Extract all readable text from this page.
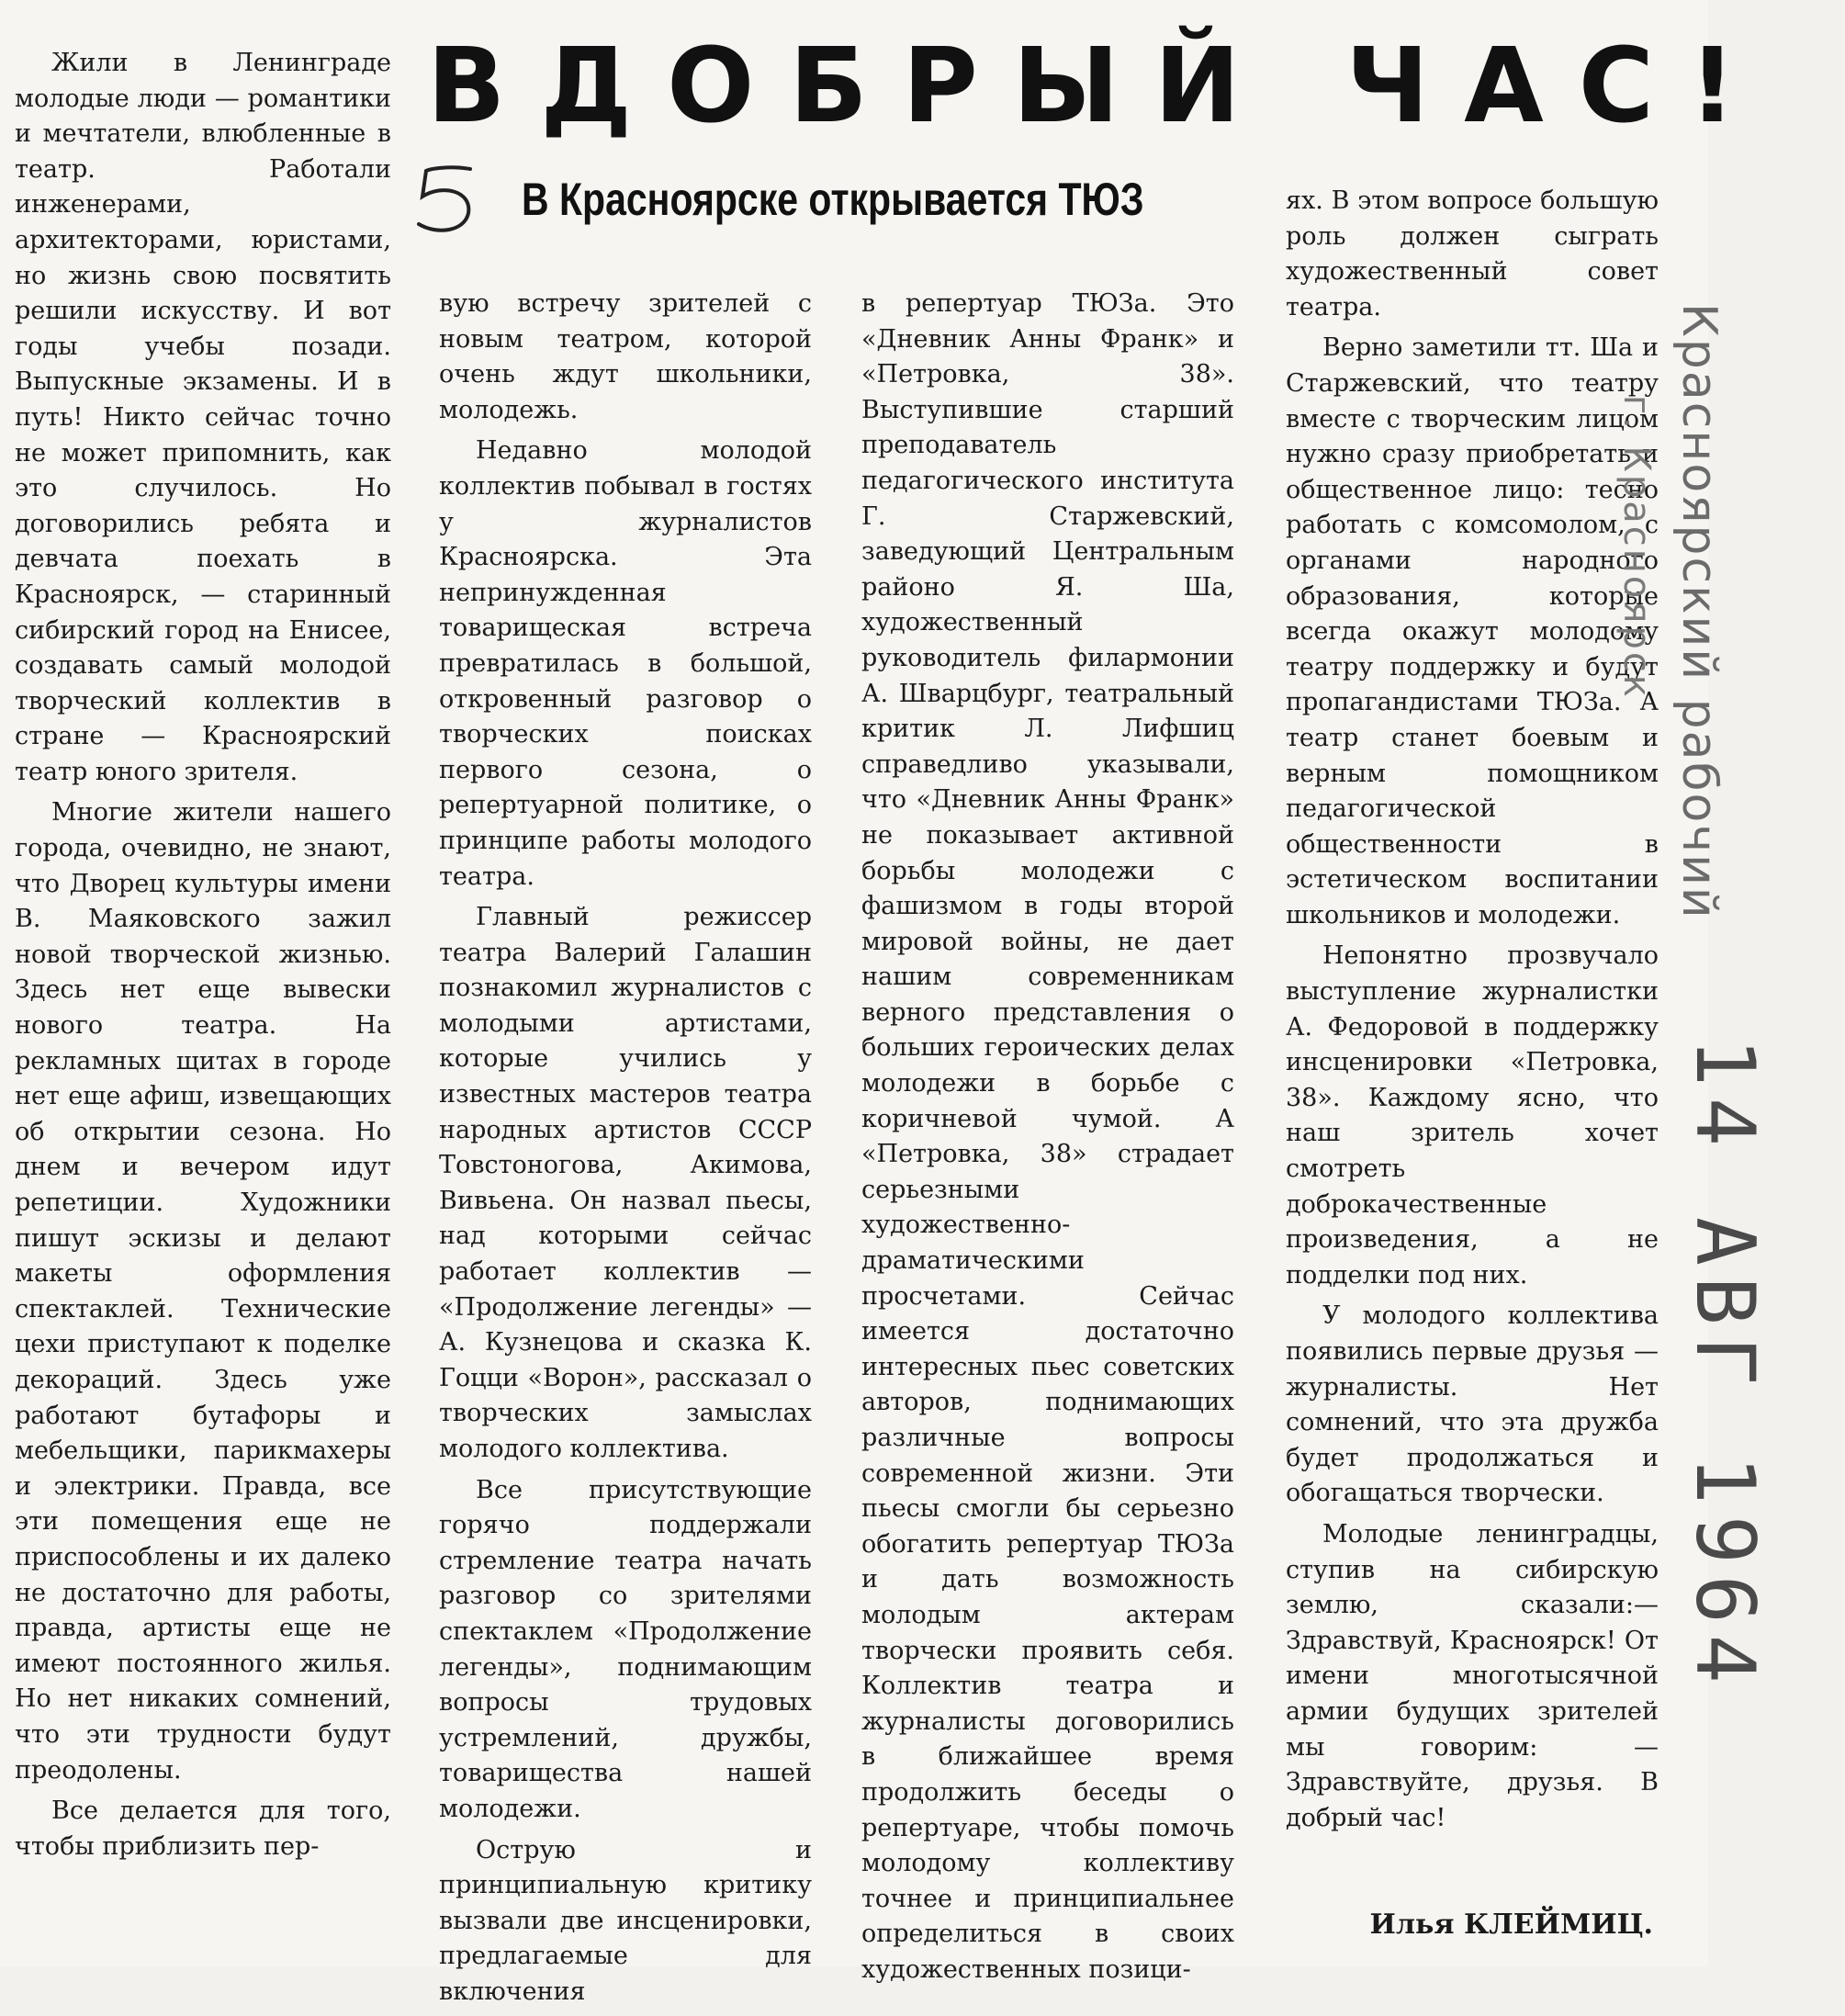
ВДОБРЫЙ ЧАС!
В Красноярске открывается ТЮЗ

Жили в Ленинграде молодые люди — романтики и мечтатели, влюбленные в театр. Работали инженерами, архитекторами, юристами, но жизнь свою посвятить решили искусству. И вот годы учебы позади. Выпускные экзамены. И в путь! Никто сейчас точно не может припомнить, как это случилось. Но договорились ребята и девчата поехать в Красноярск, — старинный сибирский город на Енисее, создавать самый молодой творческий коллектив в стране — Красноярский театр юного зрителя.

Многие жители нашего города, очевидно, не знают, что Дворец культуры имени В. Маяковского зажил новой творческой жизнью. Здесь нет еще вывески нового театра. На рекламных щитах в городе нет еще афиш, извещающих об открытии сезона. Но днем и вечером идут репетиции. Художники пишут эскизы и делают макеты оформления спектаклей. Технические цехи приступают к поделке декораций. Здесь уже работают бутафоры и мебельщики, парикмахеры и электрики. Правда, все эти помещения еще не приспособлены и их далеко не достаточно для работы, правда, артисты еще не имеют постоянного жилья. Но нет никаких сомнений, что эти трудности будут преодолены.

Все делается для того, чтобы приблизить пер-

вую встречу зрителей с новым театром, которой очень ждут школьники, молодежь.

Недавно молодой коллектив побывал в гостях у журналистов Красноярска. Эта непринужденная товарищеская встреча превратилась в большой, откровенный разговор о творческих поисках первого сезона, о репертуарной политике, о принципе работы молодого театра.

Главный режиссер театра Валерий Галашин познакомил журналистов с молодыми артистами, которые учились у известных мастеров театра народных артистов СССР Товстоногова, Акимова, Вивьена. Он назвал пьесы, над которыми сейчас работает коллектив — «Продолжение легенды» — А. Кузнецова и сказка К. Гоцци «Ворон», рассказал о творческих замыслах молодого коллектива.

Все присутствующие горячо поддержали стремление театра начать разговор со зрителями спектаклем «Продолжение легенды», поднимающим вопросы трудовых устремлений, дружбы, товарищества нашей молодежи.

Острую и принципиальную критику вызвали две инсценировки, предлагаемые для включения

в репертуар ТЮЗа. Это «Дневник Анны Франк» и «Петровка, 38». Выступившие старший преподаватель педагогического института Г. Старжевский, заведующий Центральным районо Я. Ша, художественный руководитель филармонии А. Шварцбург, театральный критик Л. Лифшиц справедливо указывали, что «Дневник Анны Франк» не показывает активной борьбы молодежи с фашизмом в годы второй мировой войны, не дает нашим современникам верного представления о больших героических делах молодежи в борьбе с коричневой чумой. А «Петровка, 38» страдает серьезными художественно-драматическими просчетами. Сейчас имеется достаточно интересных пьес советских авторов, поднимающих различные вопросы современной жизни. Эти пьесы смогли бы серьезно обогатить репертуар ТЮЗа и дать возможность молодым актерам творчески проявить себя. Коллектив театра и журналисты договорились в ближайшее время продолжить беседы о репертуаре, чтобы помочь молодому коллективу точнее и принципиальнее определиться в своих художественных позици-

ях. В этом вопросе большую роль должен сыграть художественный совет театра.

Верно заметили тт. Ша и Старжевский, что театру вместе с творческим лицом нужно сразу приобретать и общественное лицо: тесно работать с комсомолом, с органами народного образования, которые всегда окажут молодому театру поддержку и будут пропагандистами ТЮЗа. А театр станет боевым и верным помощником педагогической общественности в эстетическом воспитании школьников и молодежи.

Непонятно прозвучало выступление журналистки А. Федоровой в поддержку инсценировки «Петровка, 38». Каждому ясно, что наш зритель хочет смотреть доброкачественные произведения, а не подделки под них.

У молодого коллектива появились первые друзья — журналисты. Нет сомнений, что эта дружба будет продолжаться и обогащаться творчески.

Молодые ленинградцы, ступив на сибирскую землю, сказали:— Здравствуй, Красноярск! От имени многотысячной армии будущих зрителей мы говорим: — Здравствуйте, друзья. В добрый час!

Илья КЛЕЙМИЦ.
Красноярский рабочий
г. Красноярск
14 АВГ 1964
